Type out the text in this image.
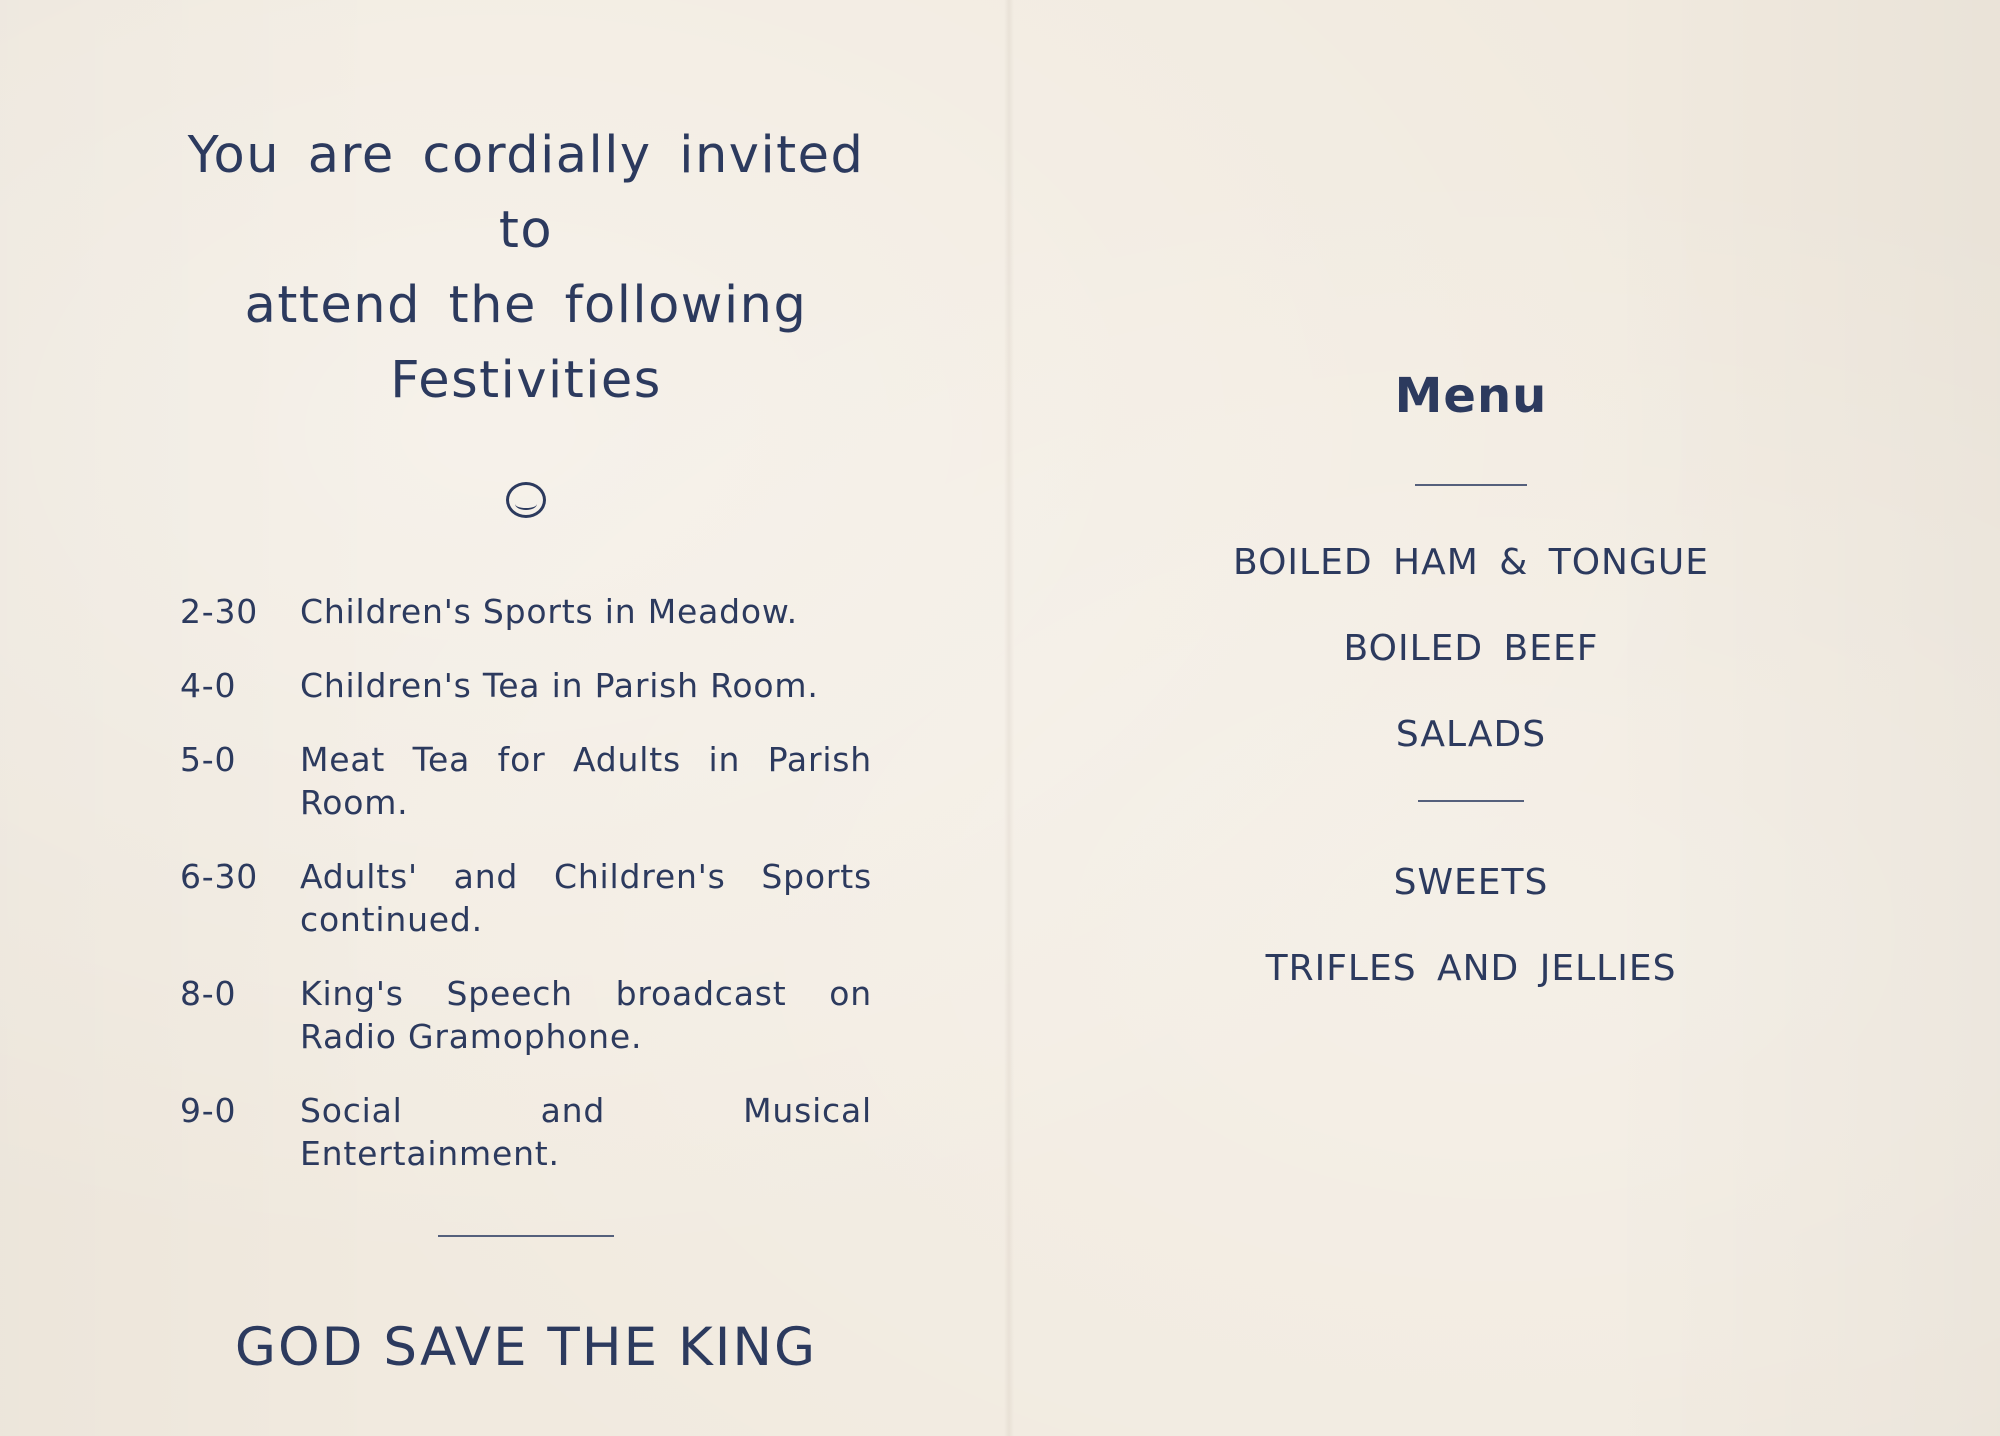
You are cordially invited to
attend the following
Festivities
2-30	Children's Sports in Meadow.
4-0	Children's Tea in Parish Room.
5-0	Meat Tea for Adults in Parish Room.
6-30	Adults' and Children's Sports continued.
8-0	King's Speech broadcast on Radio Gramophone.
9-0	Social and Musical Entertainment.
GOD SAVE THE KING
Menu

BOILED HAM & TONGUE

BOILED BEEF

SALADS

SWEETS

TRIFLES AND JELLIES
